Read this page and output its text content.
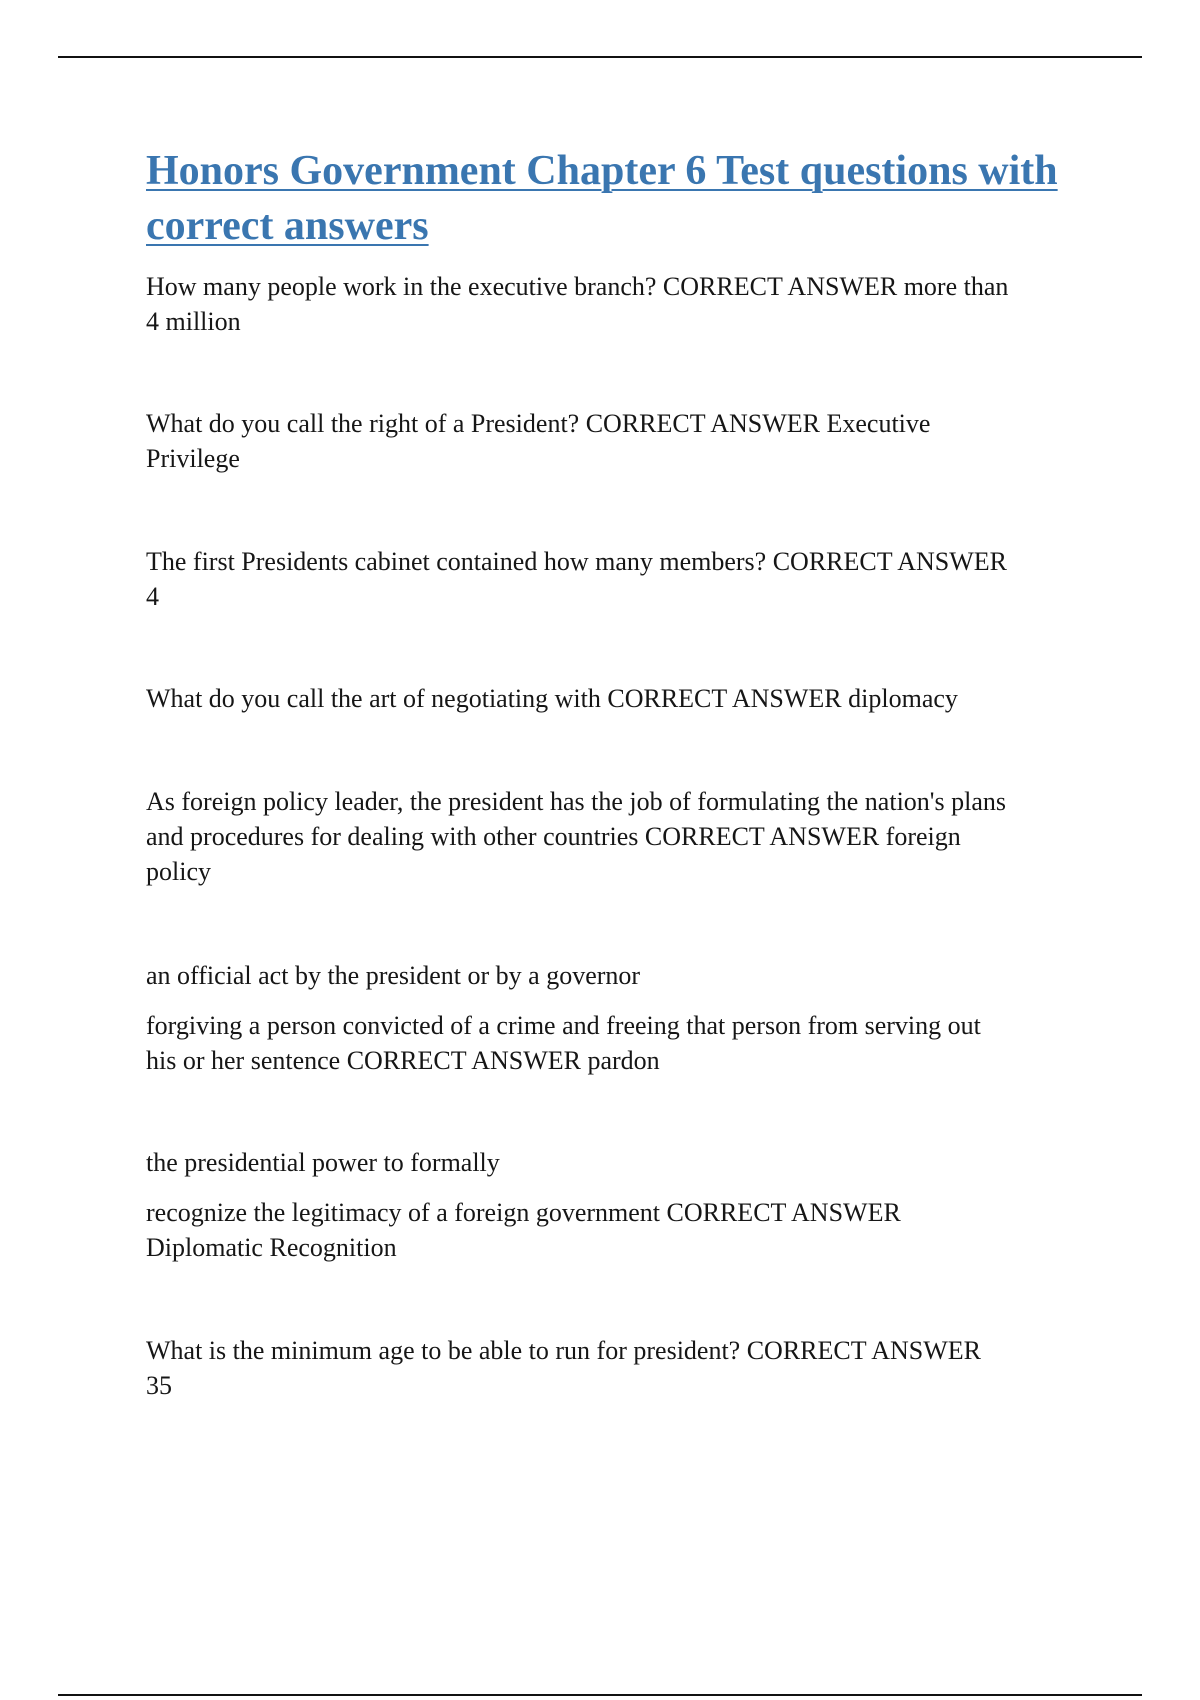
Honors Government Chapter 6 Test questions with correct answers

How many people work in the executive branch? CORRECT ANSWER more than
4 million

What do you call the right of a President? CORRECT ANSWER Executive
Privilege

The first Presidents cabinet contained how many members? CORRECT ANSWER
4

What do you call the art of negotiating with CORRECT ANSWER diplomacy

As foreign policy leader, the president has the job of formulating the nation's plans
and procedures for dealing with other countries CORRECT ANSWER foreign
policy

an official act by the president or by a governor

forgiving a person convicted of a crime and freeing that person from serving out
his or her sentence CORRECT ANSWER pardon

the presidential power to formally

recognize the legitimacy of a foreign government CORRECT ANSWER
Diplomatic Recognition

What is the minimum age to be able to run for president? CORRECT ANSWER
35
